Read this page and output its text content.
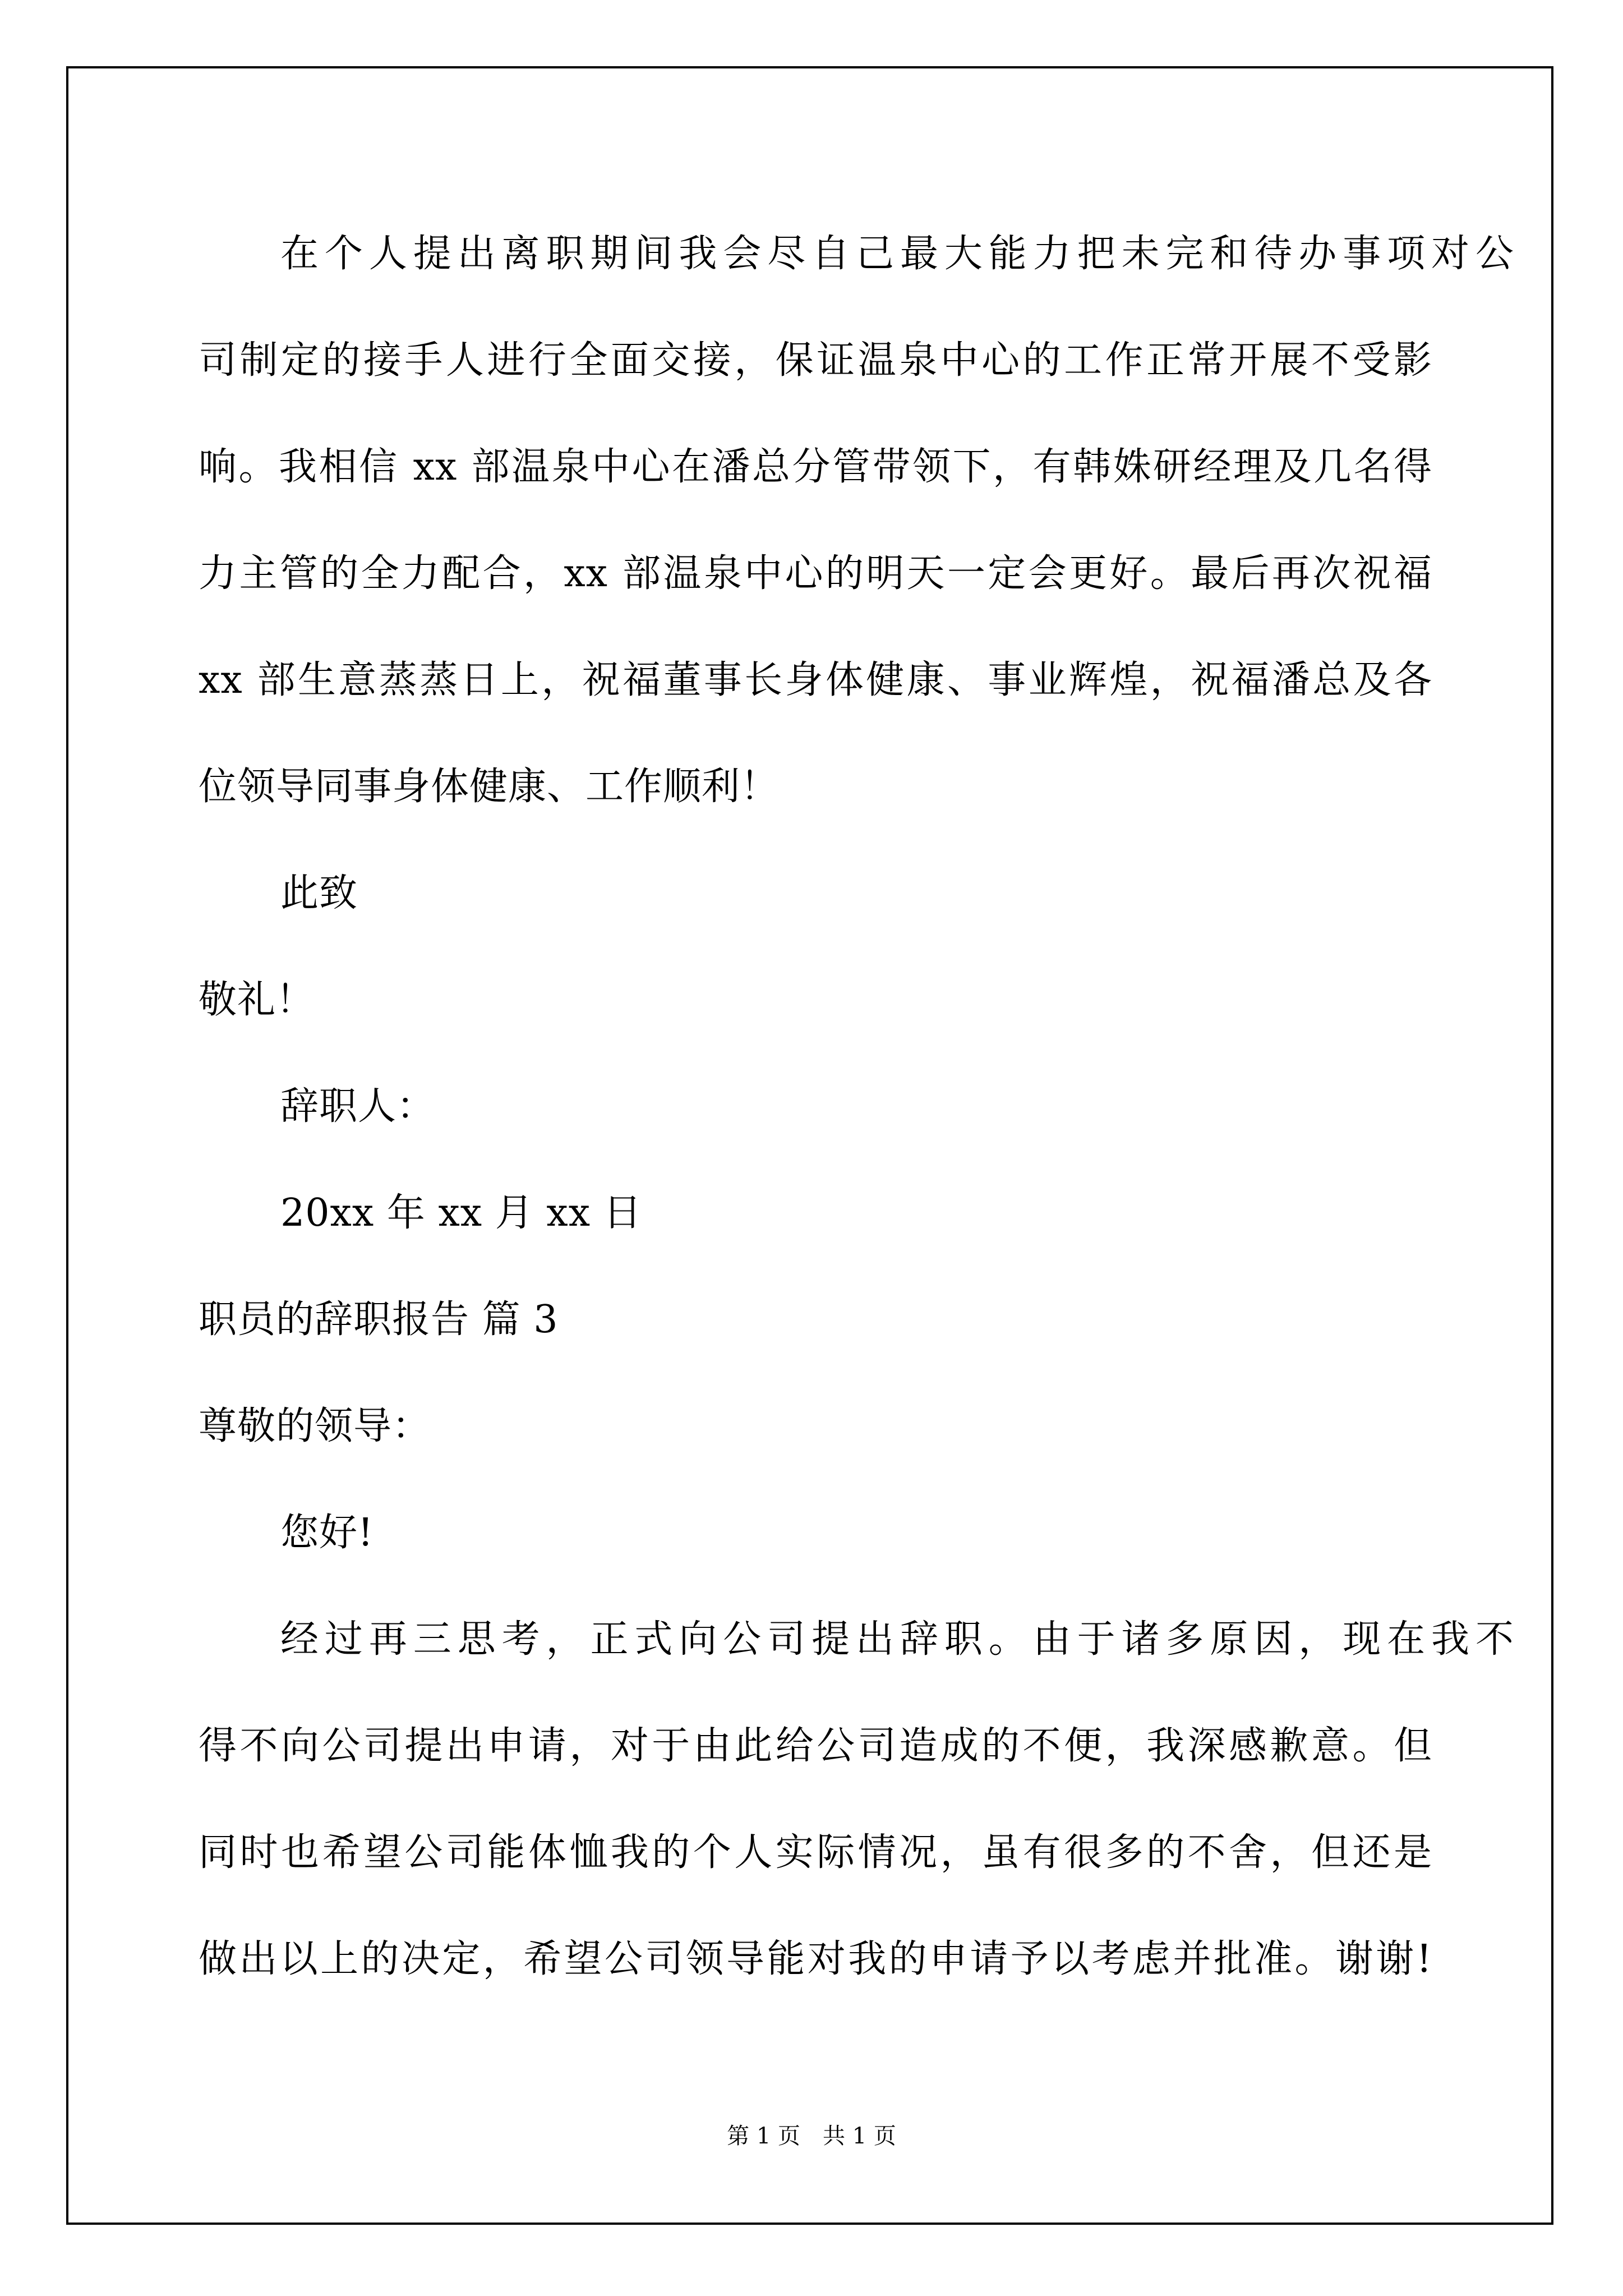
在个人提出离职期间我会尽自己最大能力把未完和待办事项对公
司制定的接手人进行全面交接，保证温泉中心的工作正常开展不受影
响。我相信 xx 部温泉中心在潘总分管带领下，有韩姝研经理及几名得
力主管的全力配合，xx 部温泉中心的明天一定会更好。最后再次祝福
xx 部生意蒸蒸日上，祝福董事长身体健康、事业辉煌，祝福潘总及各
位领导同事身体健康、工作顺利！
此致
敬礼！
辞职人：
20xx 年 xx 月 xx 日
职员的辞职报告 篇 3
尊敬的领导：
您好!
经过再三思考，正式向公司提出辞职。由于诸多原因，现在我不
得不向公司提出申请，对于由此给公司造成的不便，我深感歉意。但
同时也希望公司能体恤我的个人实际情况，虽有很多的不舍，但还是
做出以上的决定，希望公司领导能对我的申请予以考虑并批准。谢谢!
第 1 页　共 1 页
